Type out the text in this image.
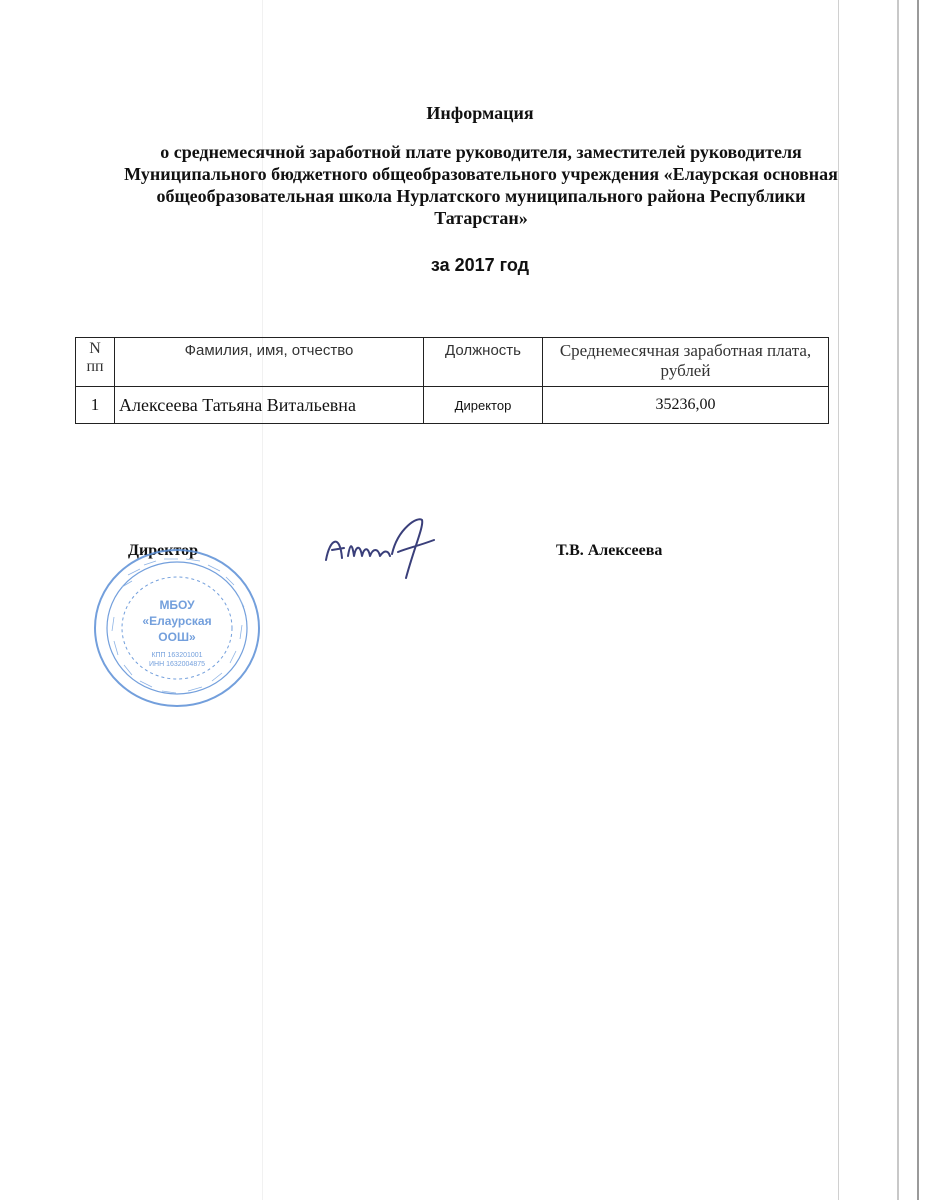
Информация
о среднемесячной заработной плате руководителя, заместителей руководителя Муниципального бюджетного общеобразовательного учреждения «Елаурская основная общеобразовательная школа Нурлатского муниципального района Республики Татарстан»
за 2017 год
N пп	Фамилия, имя, отчество	Должность	Среднемесячная заработная плата, рублей
1	Алексеева Татьяна Витальевна	Директор	35236,00
Директор	Т.В. Алексеева
МБОУ
«Елаурская
ООШ»
КПП 163201001
ИНН 1632004875
